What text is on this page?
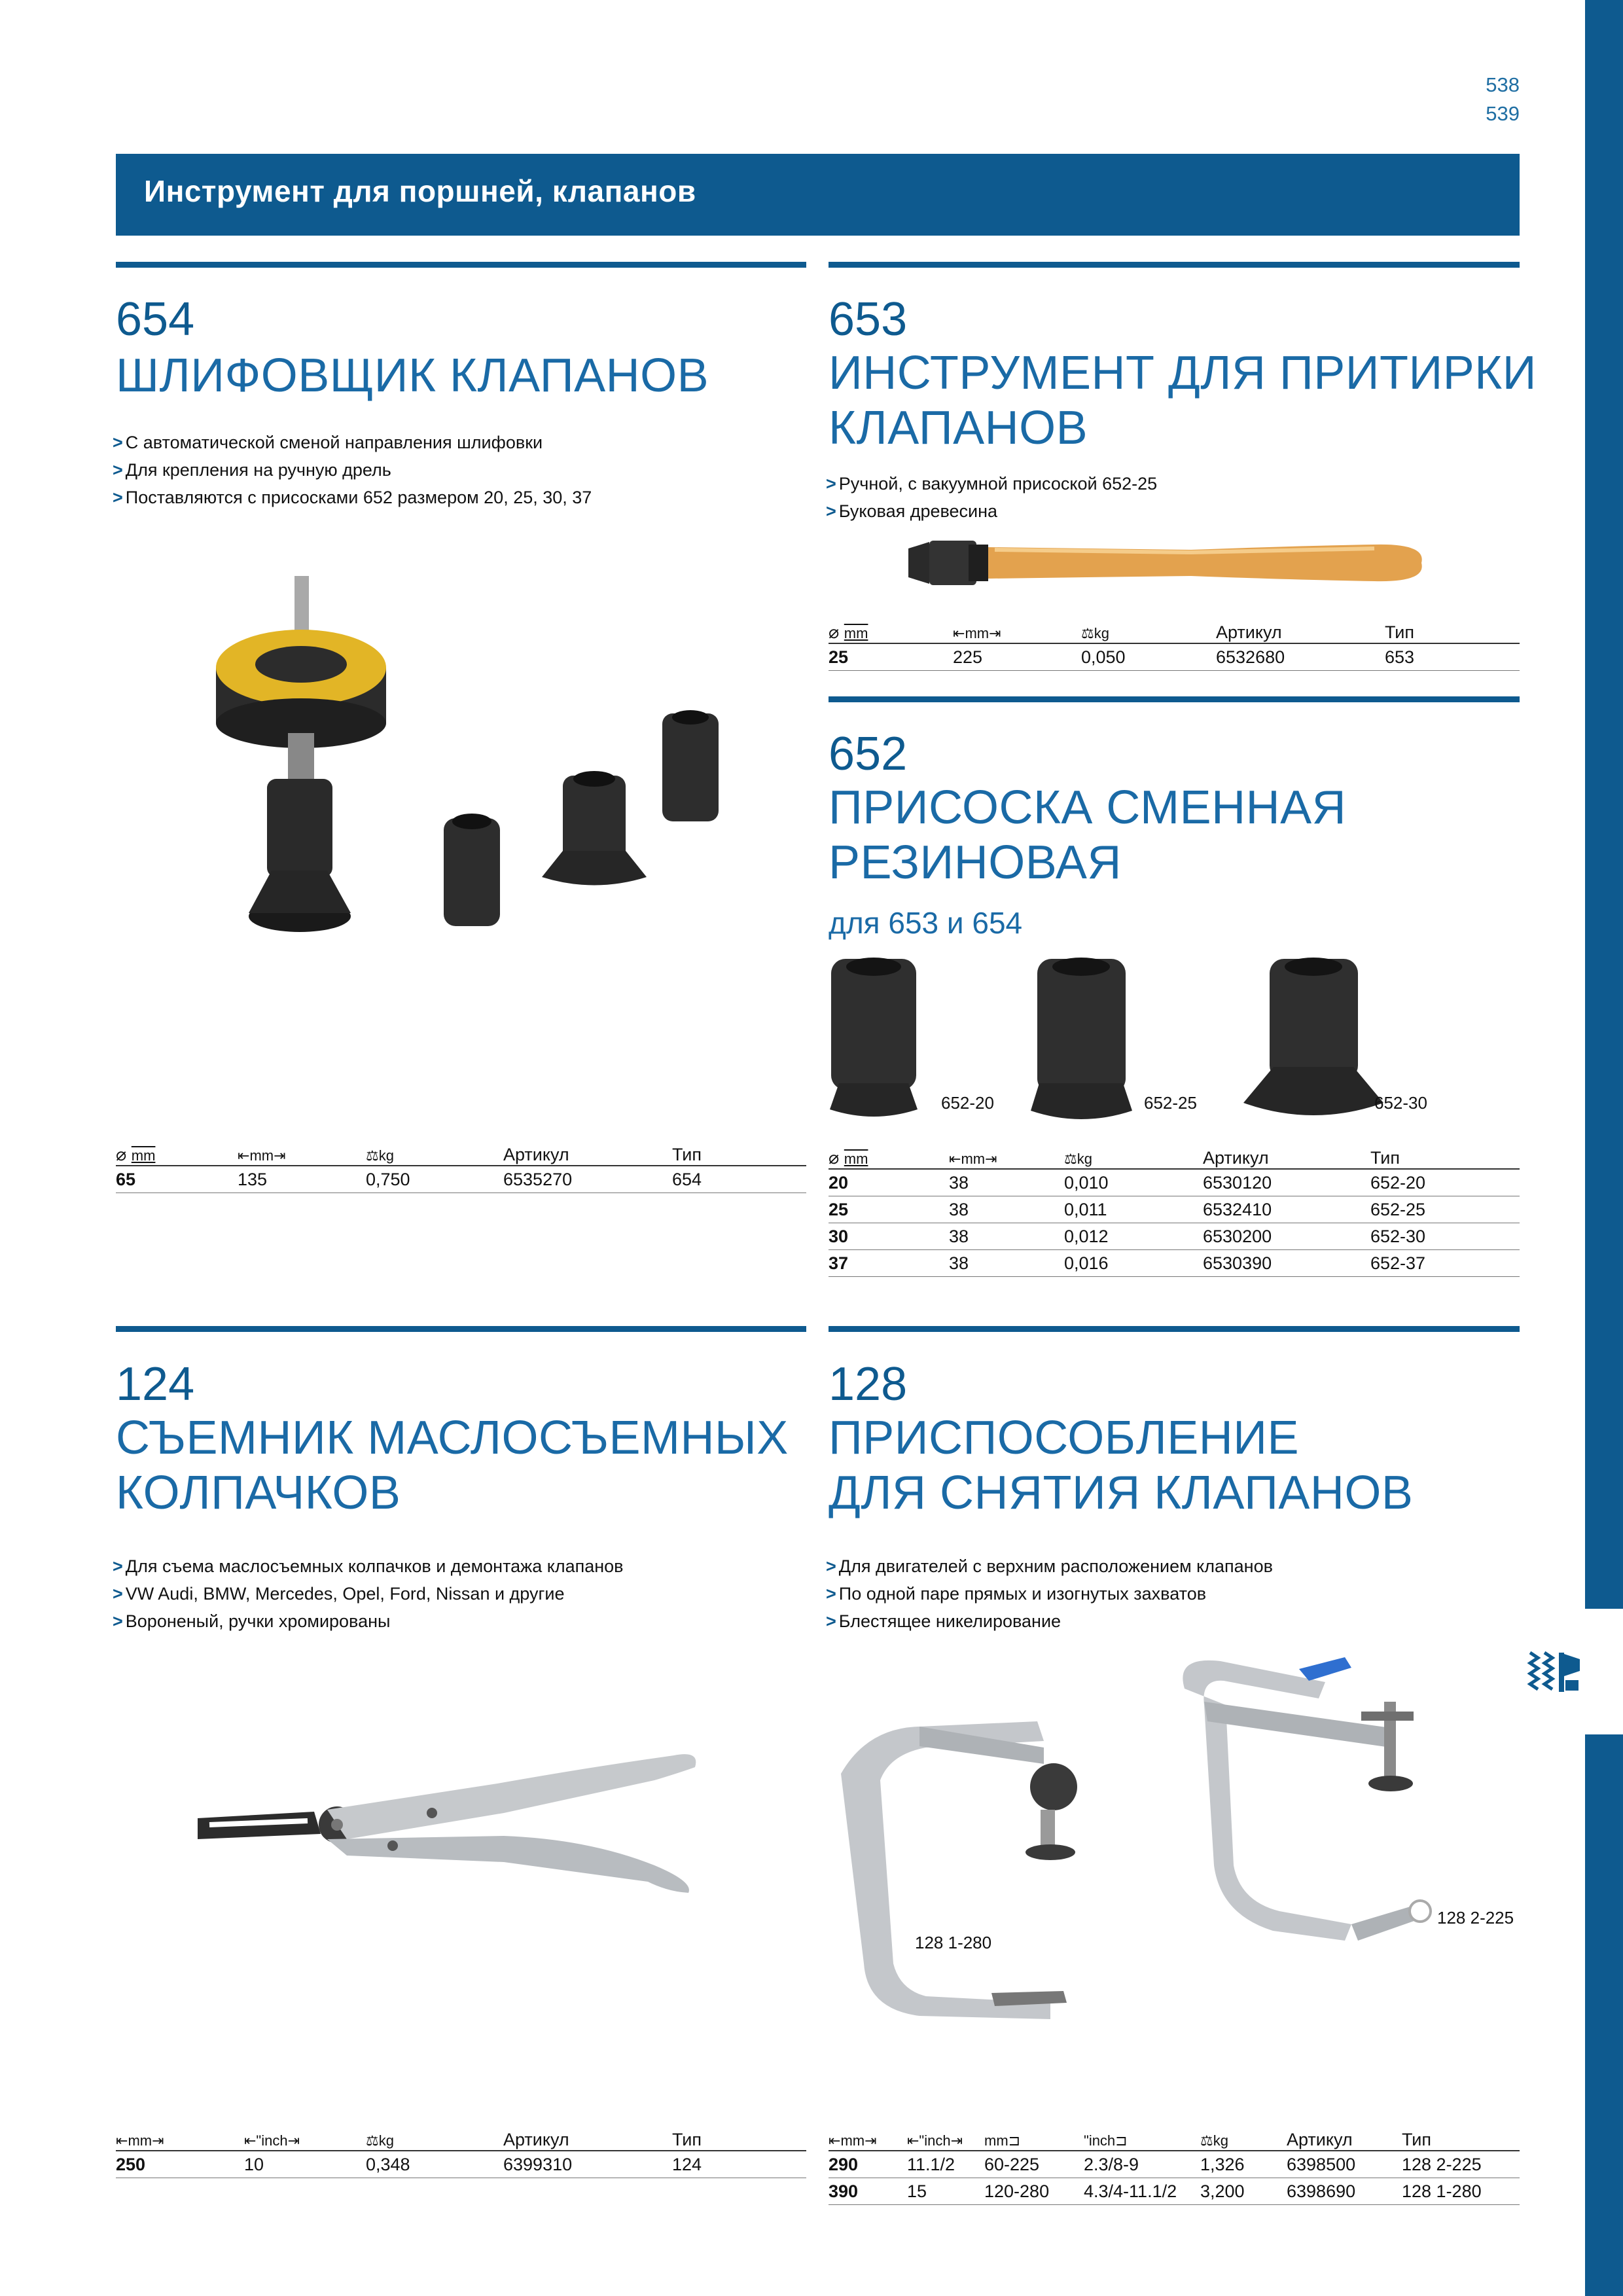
538
539
Инструмент для поршней, клапанов
654
ШЛИФОВЩИК КЛАПАНОВ
> С автоматической сменой направления шлифовки
> Для крепления на ручную дрель
> Поставляются с присосками 652 размером 20, 25, 30, 37
⌀ mm	⇤mm⇥	⚖kg	Артикул	Тип
65	135	0,750	6535270	654
653
ИНСТРУМЕНТ ДЛЯ ПРИТИРКИ
КЛАПАНОВ
> Ручной, с вакуумной присоской 652-25
> Буковая древесина
⌀ mm	⇤mm⇥	⚖kg	Артикул	Тип
25	225	0,050	6532680	653
652
ПРИСОСКА СМЕННАЯ
РЕЗИНОВАЯ
для 653 и 654
652-20	652-25	652-30
⌀ mm	⇤mm⇥	⚖kg	Артикул	Тип
20	38	0,010	6530120	652-20
25	38	0,011	6532410	652-25
30	38	0,012	6530200	652-30
37	38	0,016	6530390	652-37
124
СЪЕМНИК МАСЛОСЪЕМНЫХ
КОЛПАЧКОВ
> Для съема маслосъемных колпачков и демонтажа клапанов
> VW Audi, BMW, Mercedes, Opel, Ford, Nissan и другие
> Вороненый, ручки хромированы
⇤mm⇥	⇤"inch⇥	⚖kg	Артикул	Тип
250	10	0,348	6399310	124
128
ПРИСПОСОБЛЕНИЕ
ДЛЯ СНЯТИЯ КЛАПАНОВ
> Для двигателей с верхним расположением клапанов
> По одной паре прямых и изогнутых захватов
> Блестящее никелирование
128 1-280
128 2-225
⇤mm⇥	⇤"inch⇥	mm⊐	"inch⊐	⚖kg	Артикул	Тип
290	11.1/2	60-225	2.3/8-9	1,326	6398500	128 2-225
390	15	120-280	4.3/4-11.1/2	3,200	6398690	128 1-280
